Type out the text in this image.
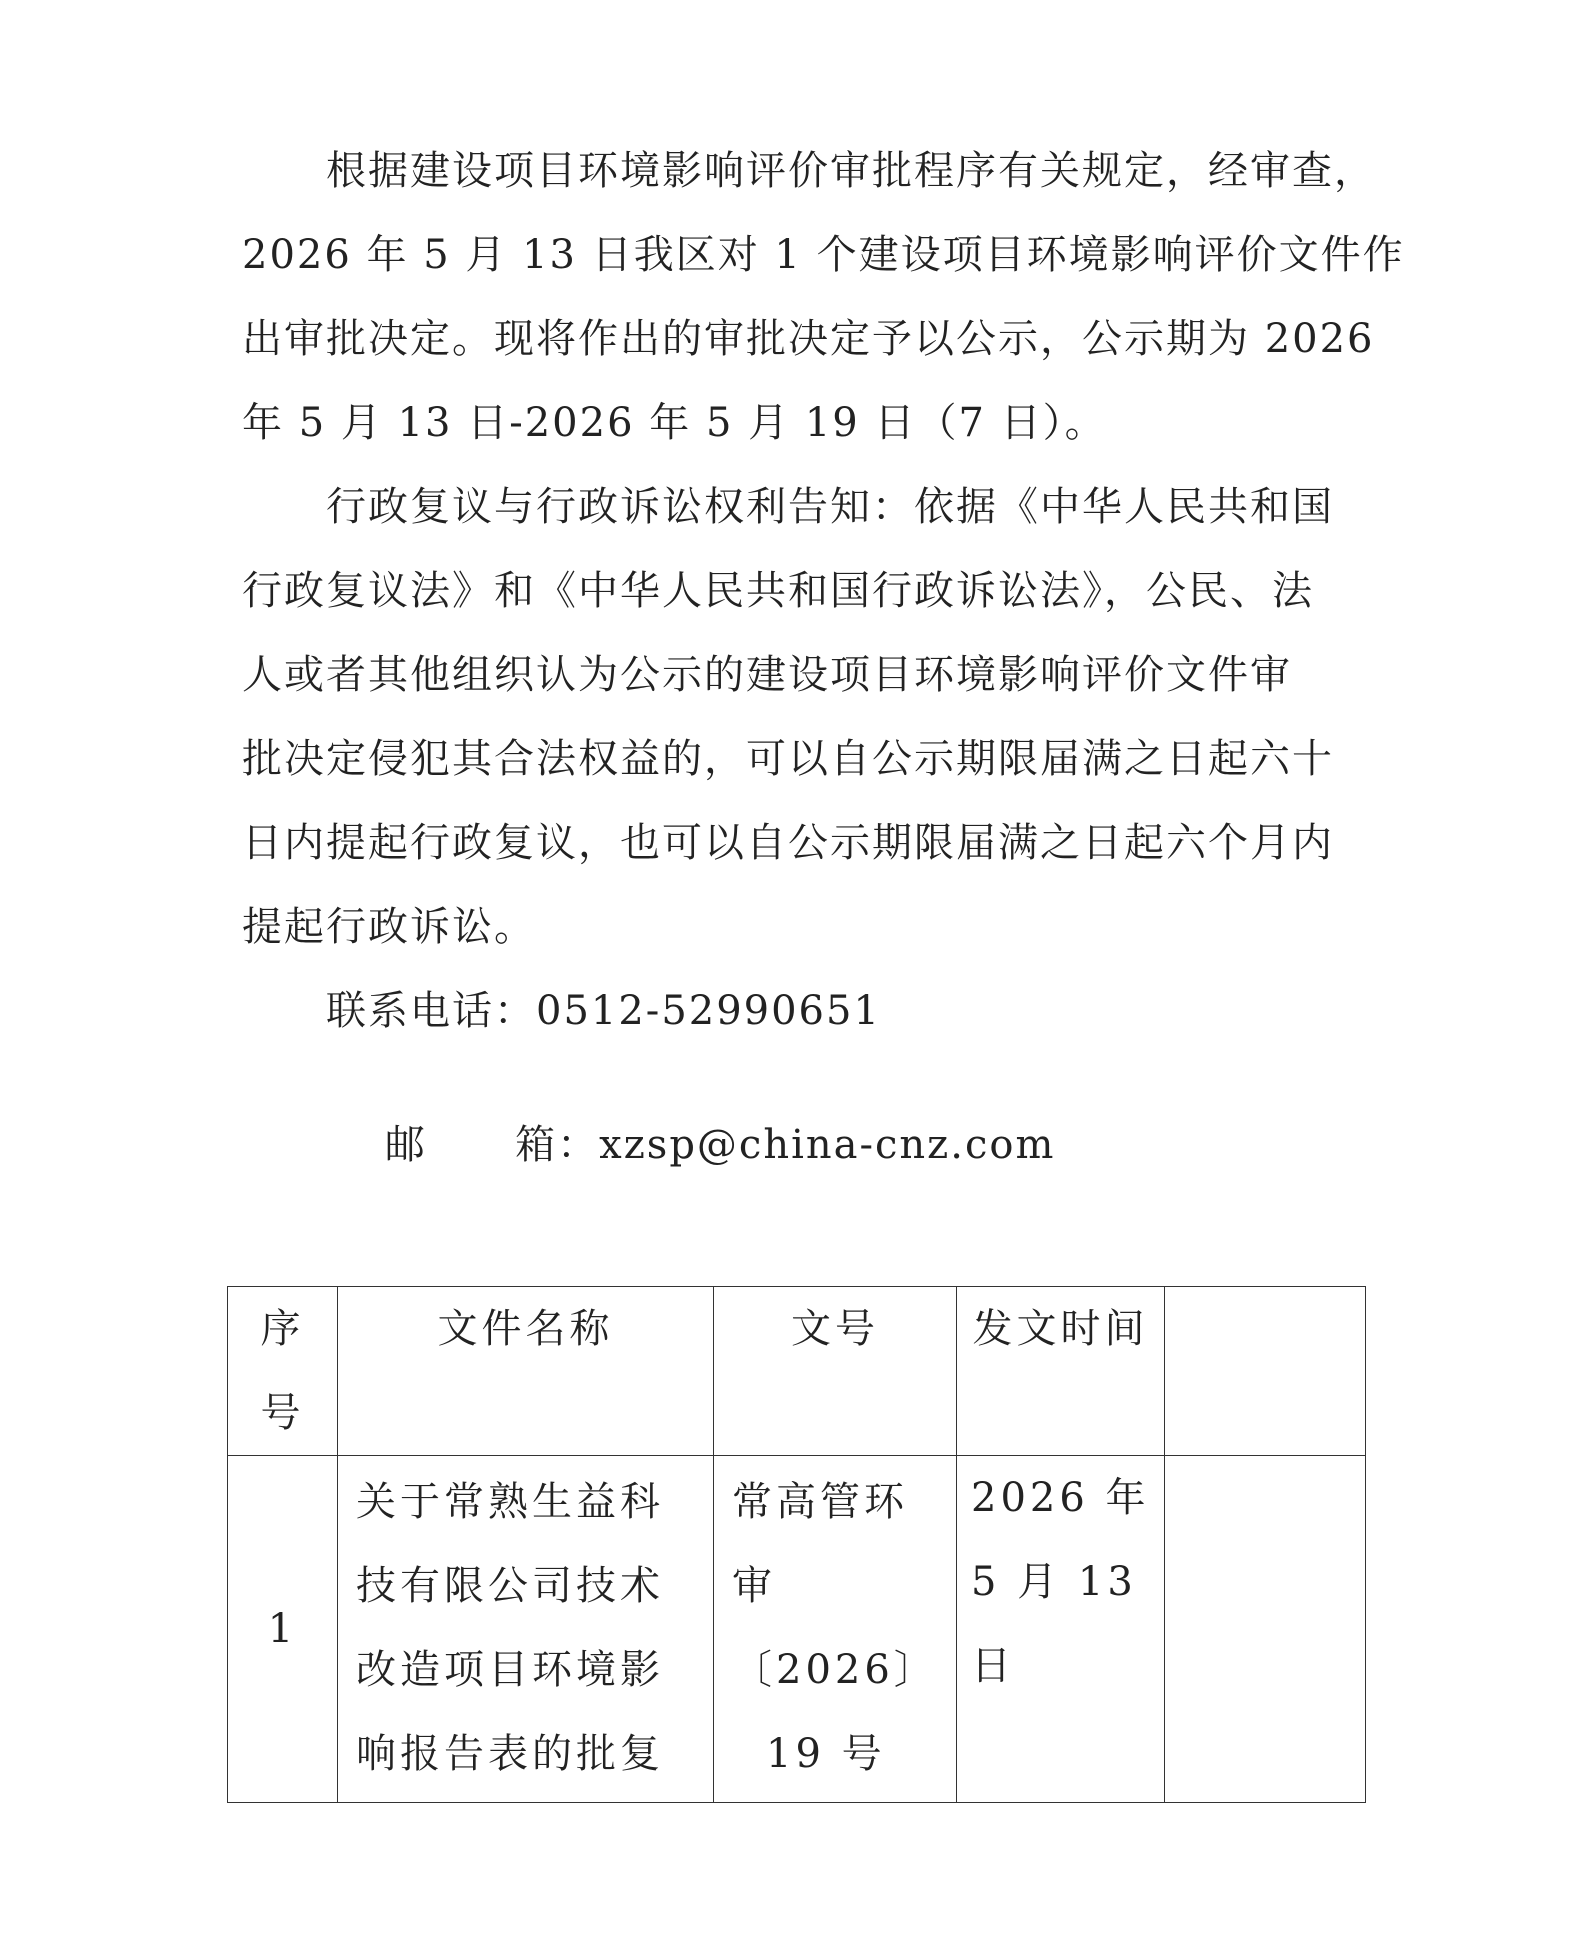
根据建设项目环境影响评价审批程序有关规定，经审查，
2026 年 5 月 13 日我区对 1 个建设项目环境影响评价文件作
出审批决定。现将作出的审批决定予以公示，公示期为 2026
年 5 月 13 日-2026 年 5 月 19 日（7 日）。
行政复议与行政诉讼权利告知：依据《中华人民共和国
行政复议法》和《中华人民共和国行政诉讼法》，公民、法
人或者其他组织认为公示的建设项目环境影响评价文件审
批决定侵犯其合法权益的，可以自公示期限届满之日起六十
日内提起行政复议，也可以自公示期限届满之日起六个月内
提起行政诉讼。
联系电话：0512-52990651

邮      箱：xzsp@china-cnz.com

序
号	文件名称	文号	发文时间	
1	关于常熟生益科技有限公司技术改造项目环境影响报告表的批复	常高管环
审〔2026〕
19 号	2026 年 5 月 13 日	
